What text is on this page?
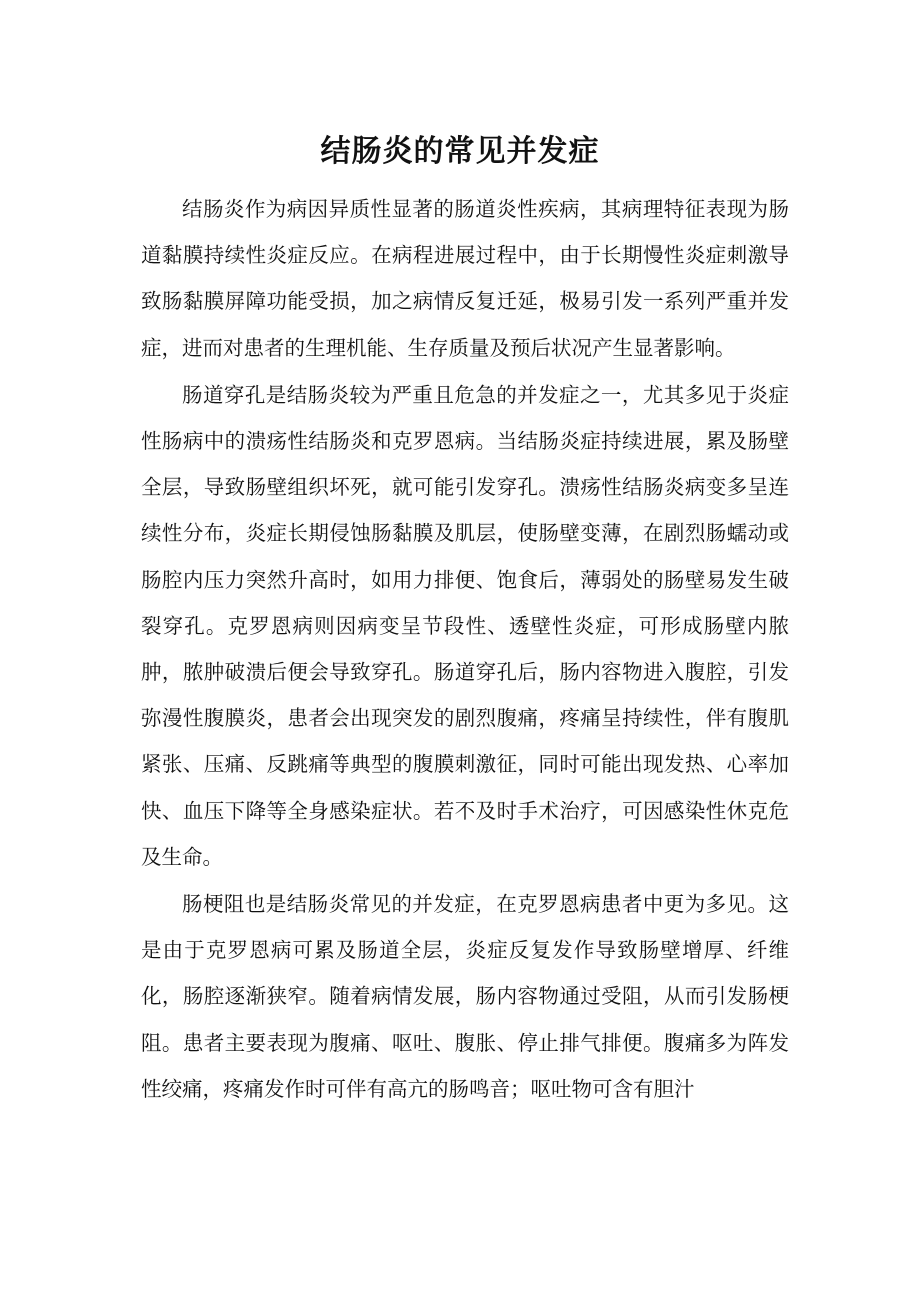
结肠炎的常见并发症

结肠炎作为病因异质性显著的肠道炎性疾病，其病理特征表现为肠道黏膜持续性炎症反应。在病程进展过程中，由于长期慢性炎症刺激导致肠黏膜屏障功能受损，加之病情反复迁延，极易引发一系列严重并发症，进而对患者的生理机能、生存质量及预后状况产生显著影响。

肠道穿孔是结肠炎较为严重且危急的并发症之一，尤其多见于炎症性肠病中的溃疡性结肠炎和克罗恩病。当结肠炎症持续进展，累及肠壁全层，导致肠壁组织坏死，就可能引发穿孔。溃疡性结肠炎病变多呈连续性分布，炎症长期侵蚀肠黏膜及肌层，使肠壁变薄，在剧烈肠蠕动或肠腔内压力突然升高时，如用力排便、饱食后，薄弱处的肠壁易发生破裂穿孔。克罗恩病则因病变呈节段性、透壁性炎症，可形成肠壁内脓肿，脓肿破溃后便会导致穿孔。肠道穿孔后，肠内容物进入腹腔，引发弥漫性腹膜炎，患者会出现突发的剧烈腹痛，疼痛呈持续性，伴有腹肌紧张、压痛、反跳痛等典型的腹膜刺激征，同时可能出现发热、心率加快、血压下降等全身感染症状。若不及时手术治疗，可因感染性休克危及生命。

肠梗阻也是结肠炎常见的并发症，在克罗恩病患者中更为多见。这是由于克罗恩病可累及肠道全层，炎症反复发作导致肠壁增厚、纤维化，肠腔逐渐狭窄。随着病情发展，肠内容物通过受阻，从而引发肠梗阻。患者主要表现为腹痛、呕吐、腹胀、停止排气排便。腹痛多为阵发性绞痛，疼痛发作时可伴有高亢的肠鸣音；呕吐物可含有胆汁
